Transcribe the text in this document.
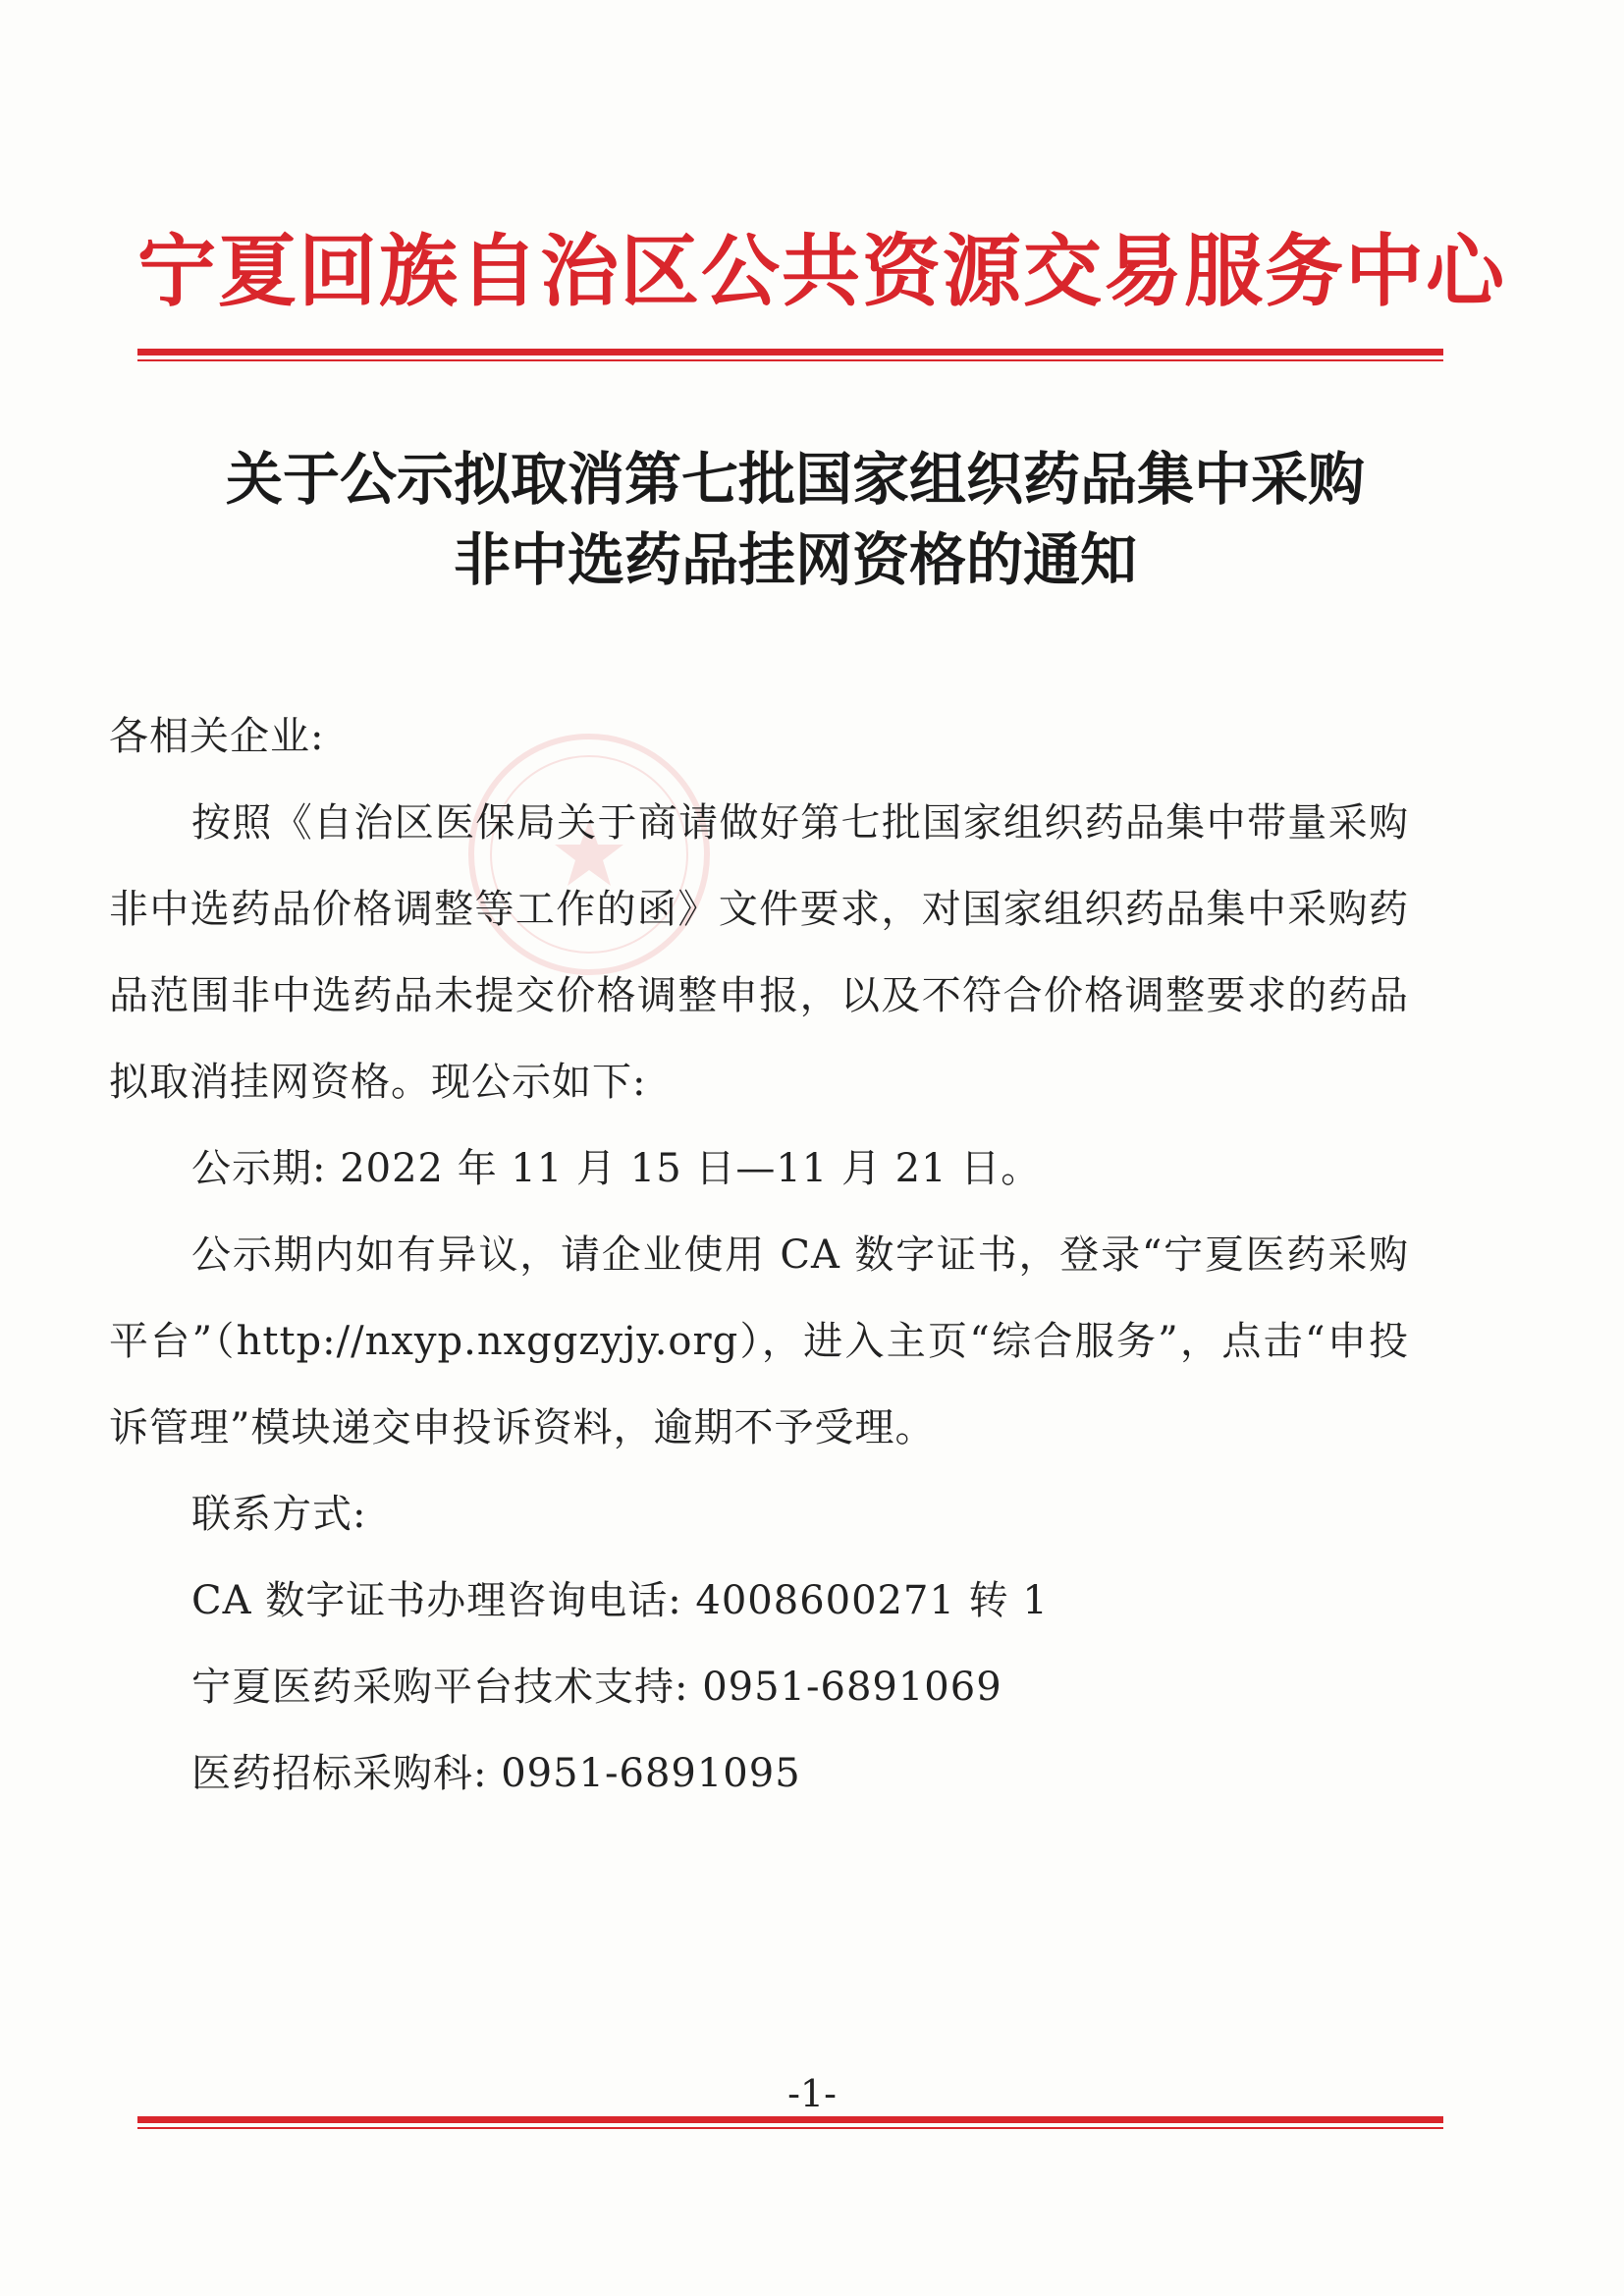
宁夏回族自治区公共资源交易服务中心
关于公示拟取消第七批国家组织药品集中采购
非中选药品挂网资格的通知

各相关企业:

按照《自治区医保局关于商请做好第七批国家组织药品集中带量采购非中选药品价格调整等工作的函》文件要求，对国家组织药品集中采购药品范围非中选药品未提交价格调整申报，以及不符合价格调整要求的药品拟取消挂网资格。现公示如下:

公示期: 2022 年 11 月 15 日—11 月 21 日。

公示期内如有异议，请企业使用 CA 数字证书，登录“宁夏医药采购平台”（http://nxyp.nxggzyjy.org），进入主页“综合服务”，点击“申投诉管理”模块递交申投诉资料，逾期不予受理。

联系方式:

CA 数字证书办理咨询电话: 4008600271 转 1

宁夏医药采购平台技术支持: 0951-6891069

医药招标采购科: 0951-6891095

-1-
